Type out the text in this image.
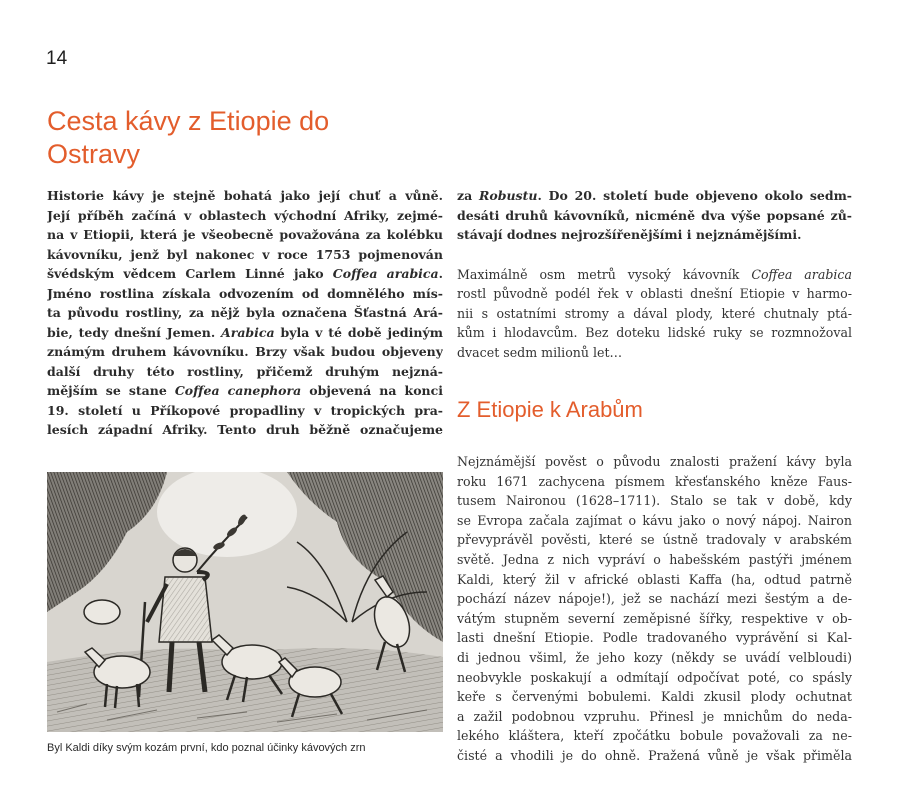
14
Cesta kávy z Etiopie do Ostravy
Historie kávy je stejně bohatá jako její chuť a vůně.
Její příběh začíná v oblastech východní Afriky, zejmé-
na v Etiopii, která je všeobecně považována za kolébku
kávovníku, jenž byl nakonec v roce 1753 pojmenován
švédským vědcem Carlem Linné jako Coffea arabica.
Jméno rostlina získala odvozením od domnělého mís-
ta původu rostliny, za nějž byla označena Šťastná Ará-
bie, tedy dnešní Jemen. Arabica byla v té době jediným
známým druhem kávovníku. Brzy však budou objeveny
další druhy této rostliny, přičemž druhým nejzná-
mějším se stane Coffea canephora objevená na konci
19. století u Příkopové propadliny v tropických pra-
lesích západní Afriky. Tento druh běžně označujeme
za Robustu. Do 20. století bude objeveno okolo sedm-
desáti druhů kávovníků, nicméně dva výše popsané zů-
stávají dodnes nejrozšířenějšími i nejznámějšími.
Maximálně osm metrů vysoký kávovník Coffea arabica
rostl původně podél řek v oblasti dnešní Etiopie v harmo-
nii s ostatními stromy a dával plody, které chutnaly ptá-
kům i hlodavcům. Bez doteku lidské ruky se rozmnožoval
dvacet sedm milionů let…
Z Etiopie k Arabům
Nejznámější pověst o původu znalosti pražení kávy byla
roku 1671 zachycena písmem křesťanského kněze Faus-
tusem Naironou (1628–1711). Stalo se tak v době, kdy
se Evropa začala zajímat o kávu jako o nový nápoj. Nairon
převyprávěl pověsti, které se ústně tradovaly v arabském
světě. Jedna z nich vypráví o habešském pastýři jménem
Kaldi, který žil v africké oblasti Kaffa (ha, odtud patrně
pochází název nápoje!), jež se nachází mezi šestým a de-
vátým stupněm severní zeměpisné šířky, respektive v ob-
lasti dnešní Etiopie. Podle tradovaného vyprávění si Kal-
di jednou všiml, že jeho kozy (někdy se uvádí velbloudi)
neobvykle poskakují a odmítají odpočívat poté, co spásly
keře s červenými bobulemi. Kaldi zkusil plody ochutnat
a zažil podobnou vzpruhu. Přinesl je mnichům do neda-
lekého kláštera, kteří zpočátku bobule považovali za ne-
čisté a vhodili je do ohně. Pražená vůně je však přiměla
Byl Kaldi díky svým kozám první, kdo poznal účinky kávových zrn
